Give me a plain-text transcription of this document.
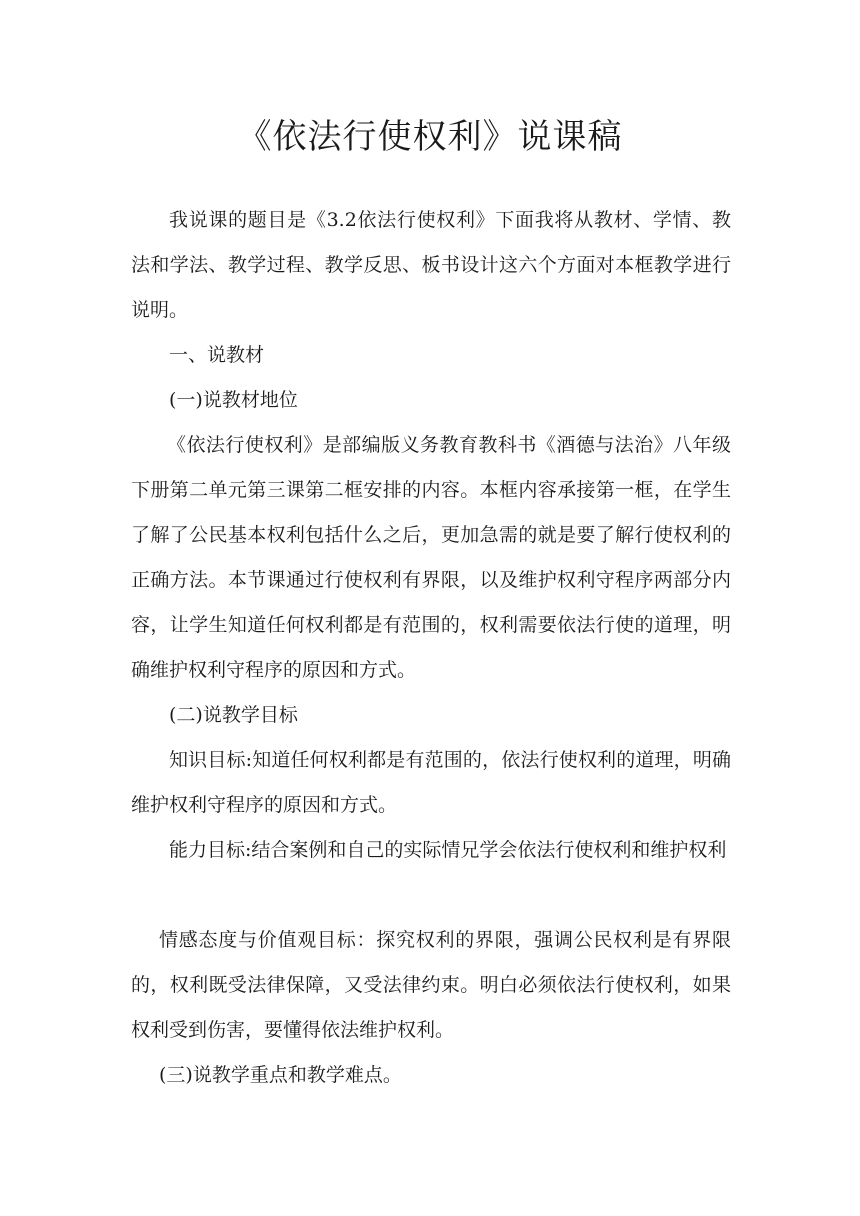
《依法行使权利》说课稿

我说课的题目是《3.2依法行使权利》下面我将从教材、学情、教法和学法、教学过程、教学反思、板书设计这六个方面对本框教学进行说明。

一、说教材

(一)说教材地位

《依法行使权利》是部编版义务教育教科书《酒德与法治》八年级下册第二单元第三课第二框安排的内容。本框内容承接第一框，在学生了解了公民基本权利包括什么之后，更加急需的就是要了解行使权利的正确方法。本节课通过行使权利有界限，以及维护权利守程序两部分内容，让学生知道任何权利都是有范围的，权利需要依法行使的道理，明确维护权利守程序的原因和方式。

(二)说教学目标

知识目标:知道任何权利都是有范围的，依法行使权利的道理，明确维护权利守程序的原因和方式。

能力目标:结合案例和自己的实际情兄学会依法行使权利和维护权利

情感态度与价值观目标：探究权利的界限，强调公民权利是有界限的，权利既受法律保障，又受法律约束。明白必须依法行使权利，如果权利受到伤害，要懂得依法维护权利。

(三)说教学重点和教学难点。
